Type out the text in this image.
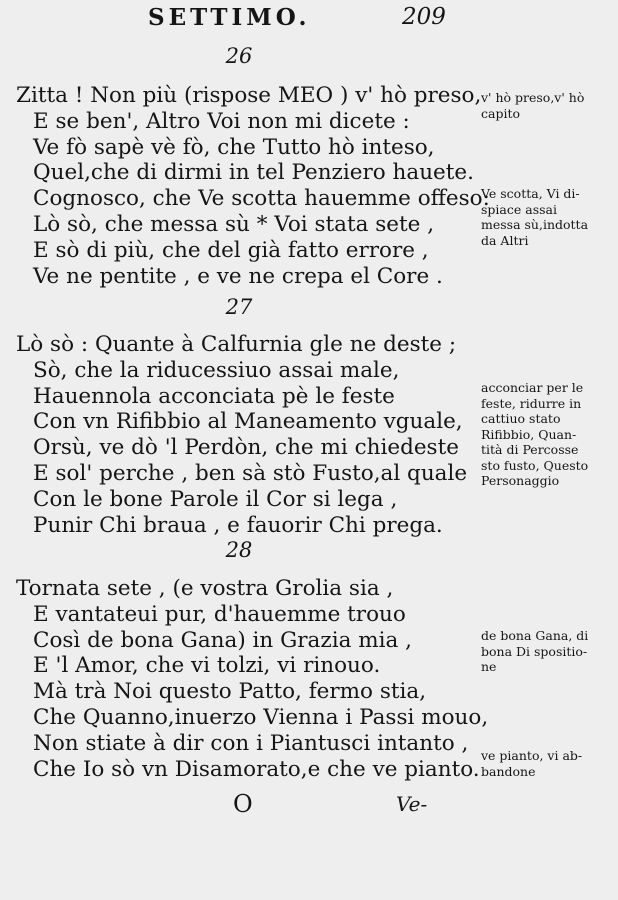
SETTIMO.	209
26
Zitta ! Non più (rispose MEO ) v' hò preso,
E se ben', Altro Voi non mi dicete :
Ve fò sapè vè fò, che Tutto hò inteso,
Quel,che di dirmi in tel Penziero hauete.
Cognosco, che Ve scotta hauemme offeso:
Lò sò, che messa sù * Voi stata sete ,
E sò di più, che del già fatto errore ,
Ve ne pentite , e ve ne crepa el Core .
27
Lò sò : Quante à Calfurnia gle ne deste ;
Sò, che la riducessiuo assai male,
Hauennola acconciata pè le feste
Con vn Rifibbio al Maneamento vguale,
Orsù, ve dò 'l Perdòn, che mi chiedeste
E sol' perche , ben sà stò Fusto,al quale
Con le bone Parole il Cor si lega ,
Punir Chi braua , e fauorir Chi prega.
28
Tornata sete , (e vostra Grolia sia ,
E vantateui pur, d'hauemme trouo
Così de bona Gana) in Grazia mia ,
E 'l Amor, che vi tolzi, vi rinouo.
Mà trà Noi questo Patto, fermo stia,
Che Quanno,inuerzo Vienna i Passi mouo,
Non stiate à dir con i Piantusci intanto ,
Che Io sò vn Disamorato,e che ve pianto.
v' hò preso,v' hò
capito
Ve scotta, Vi di-
spiace assai
messa sù,indotta
da Altri
acconciar per le
feste, ridurre in
cattiuo stato
Rifibbio, Quan-
tità di Percosse
sto fusto, Questo
Personaggio
de bona Gana, di
bona Di spositio-
ne
ve pianto, vi ab-
bandone
O	Ve-
